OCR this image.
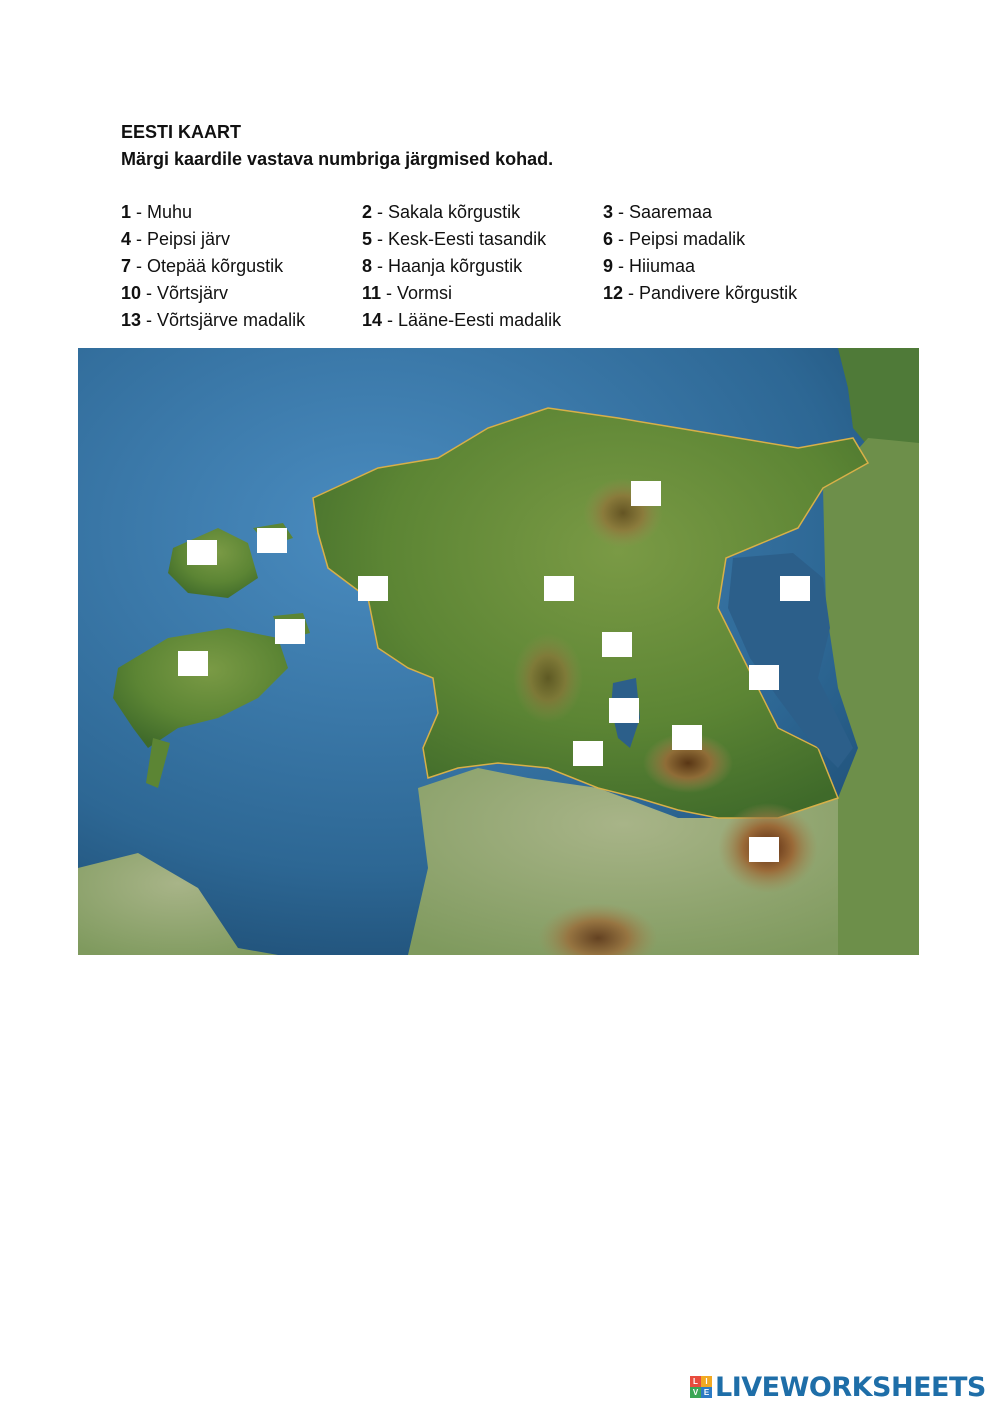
EESTI KAART
Märgi kaardile vastava numbriga järgmised kohad.
1 - Muhu	2 - Sakala kõrgustik	3 - Saaremaa
4 - Peipsi järv	5 - Kesk-Eesti tasandik	6 - Peipsi madalik
7 - Otepää kõrgustik	8 - Haanja kõrgustik	9 - Hiiumaa
10 - Võrtsjärv	11 - Vormsi	12 - Pandivere kõrgustik
13 - Võrtsjärve madalik	14 - Lääne-Eesti madalik
L I
V E LIVEWORKSHEETS
